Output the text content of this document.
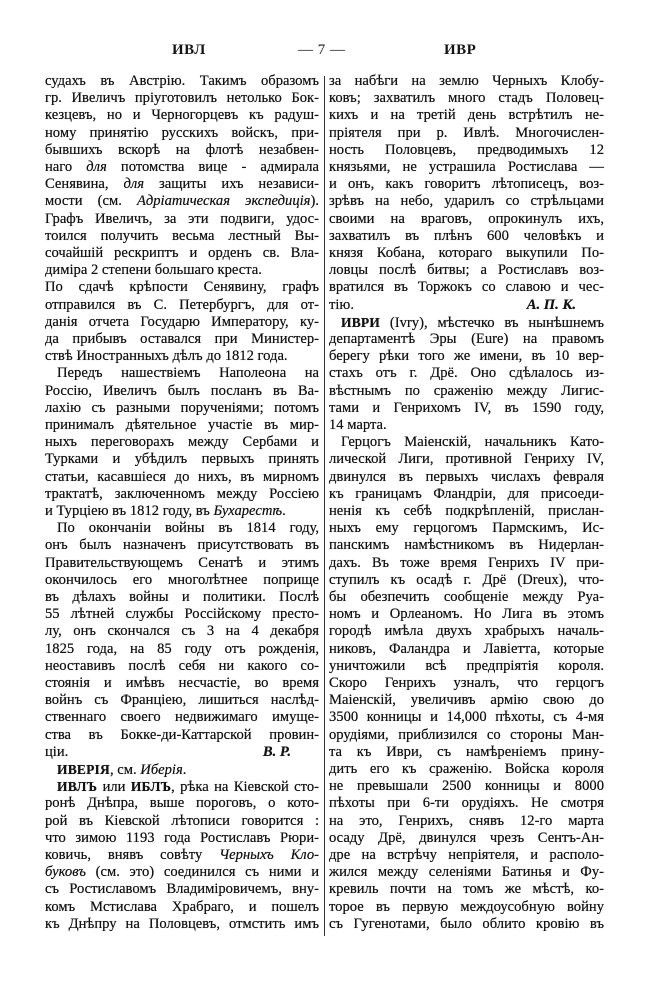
ИВЛ	— 7 —	ИВР
судахъ въ Австрію. Такимъ образомъ
гр. Ивеличъ пріуготовилъ нетолько Бок-
кезцевъ, но и Черногорцевъ къ радуш-
ному принятію русскихъ войскъ, при-
бывшихъ вскорѣ на флотѣ незабвен-
наго для потомства вице - адмирала
Сенявина, для защиты ихъ независи-
мости (см. Адріатическая экспедиція).
Графъ Ивеличъ, за эти подвиги, удос-
тоился получить весьма лестный Вы-
сочайшій рескриптъ и орденъ св. Вла-
диміра 2 степени большаго креста.
По сдачѣ крѣпости Сенявину, графъ
отправился въ С. Петербургъ, для от-
данія отчета Государю Императору, ку-
да прибывъ оставался при Министер-
ствѣ Иностранныхъ дѣлъ до 1812 года.
Передъ нашествіемъ Наполеона на
Россію, Ивеличъ былъ посланъ въ Ва-
лахію съ разными порученіями; потомъ
принималъ дѣятельное участіе въ мир-
ныхъ переговорахъ между Сербами и
Турками и убѣдилъ первыхъ принять
статьи, касавшіеся до нихъ, въ мирномъ
трактатѣ, заключенномъ между Россіею
и Турціею въ 1812 году, въ Бухарестѣ.
По окончаніи войны въ 1814 году,
онъ былъ назначенъ присутствовать въ
Правительствующемъ Сенатѣ и этимъ
окончилось его многолѣтнее поприще
въ дѣлахъ войны и политики. Послѣ
55 лѣтней службы Россійскому престо-
лу, онъ скончался съ 3 на 4 декабря
1825 года, на 85 году отъ рожденія,
неоставивъ послѣ себя ни какого со-
стоянія и имѣвъ несчастіе, во время
войнъ съ Франціею, лишиться наслѣд-
ственнаго своего недвижимаго имуще-
ства въ Бокке-ди-Каттарской провин-
ціи.	В. Р.
ИВЕРІЯ, см. Иберія.
ИВЛЪ или ИБЛЪ, рѣка на Кіевской сто-
ронѣ Днѣпра, выше пороговъ, о кото-
рой въ Кіевской лѣтописи говорится :
что зимою 1193 года Ростиславъ Рюри-
ковичь, внявъ совѣту Черныхъ Кло-
буковъ (см. это) соединился съ ними и
съ Ростиславомъ Владиміровичемъ, вну-
комъ Мстислава Храбраго, и пошелъ
къ Днѣпру на Половцевъ, отмстить имъ
за набѣги на землю Черныхъ Клобу-
ковъ; захватилъ много стадъ Половец-
кихъ и на третій день встрѣтилъ не-
пріятеля при р. Ивлѣ. Многочислен-
ность Половцевъ, предводимыхъ 12
князьями, не устрашила Ростислава —
и онъ, какъ говоритъ лѣтописецъ, воз-
зрѣвъ на небо, ударилъ со стрѣльцами
своими на враговъ, опрокинулъ ихъ,
захватилъ въ плѣнъ 600 человѣкъ и
князя Кобана, котораго выкупили По-
ловцы послѣ битвы; а Ростиславъ воз-
вратился въ Торжокъ со славою и чес-
тію.	А. П. К.
ИВРИ (Ivry), мѣстечко въ нынѣшнемъ
департаментѣ Эры (Eure) на правомъ
берегу рѣки того же имени, въ 10 вер-
стахъ отъ г. Дрё. Оно сдѣлалось из-
вѣстнымъ по сраженію между Лигис-
тами и Генрихомъ IV, въ 1590 году,
14 марта.
Герцогъ Маіенскій, начальникъ Като-
лической Лиги, противной Генриху IV,
двинулся въ первыхъ числахъ февраля
къ границамъ Фландріи, для присоеди-
ненія къ себѣ подкрѣпленій, прислан-
ныхъ ему герцогомъ Пармскимъ, Ис-
панскимъ намѣстникомъ въ Нидерлан-
дахъ. Въ тоже время Генрихъ IV при-
ступилъ къ осадѣ г. Дрё (Dreux), что-
бы обезпечить сообщеніе между Руа-
номъ и Орлеаномъ. Но Лига въ этомъ
городѣ имѣла двухъ храбрыхъ началь-
никовъ, Фаландра и Лавіетта, которые
уничтожили всѣ предпріятія короля.
Скоро Генрихъ узналъ, что герцогъ
Маіенскій, увеличивъ армію свою до
3500 конницы и 14,000 пѣхоты, съ 4-мя
орудіями, приблизился со стороны Ман-
та къ Иври, съ намѣреніемъ прину-
дить его къ сраженію. Войска короля
не превышали 2500 конницы и 8000
пѣхоты при 6-ти орудіяхъ. Не смотря
на это, Генрихъ, снявъ 12-го марта
осаду Дрё, двинулся чрезъ Сентъ-Ан-
дре на встрѣчу непріятеля, и располо-
жился между селеніями Батинья и Фу-
кревиль почти на томъ же мѣстѣ, ко-
торое въ первую междоусобную войну
съ Гугенотами, было облито кровію въ
